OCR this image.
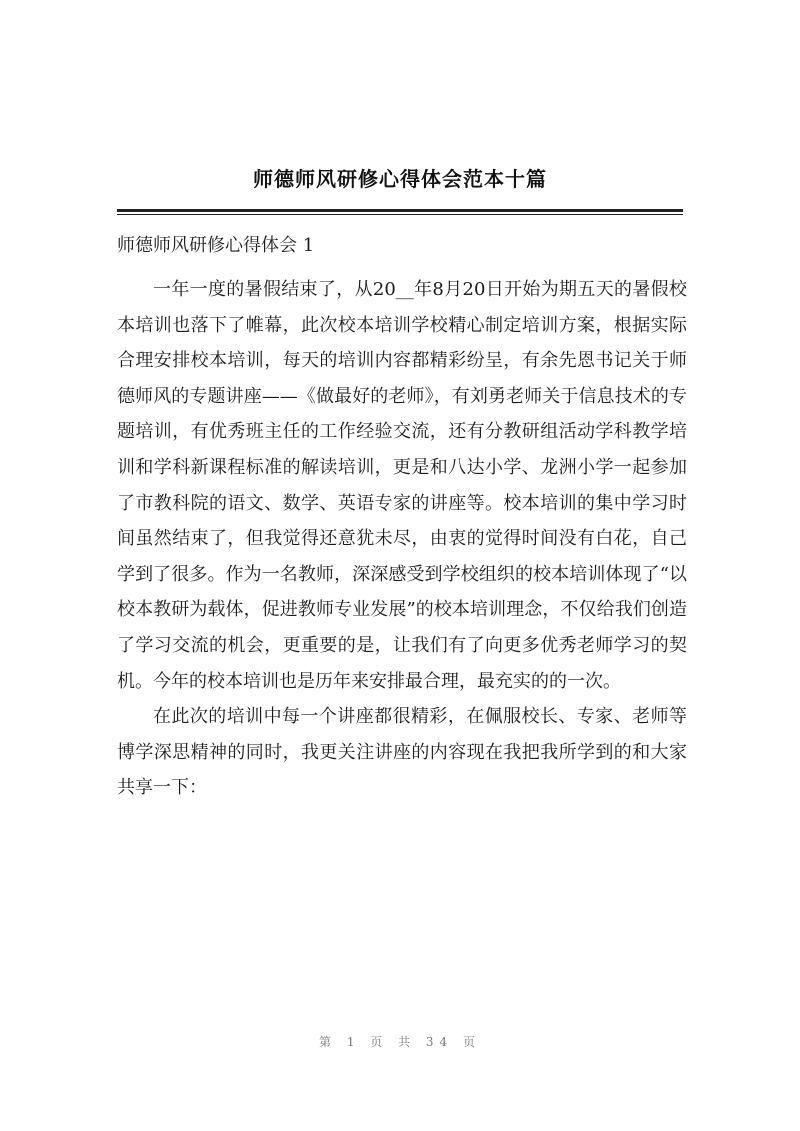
师德师风研修心得体会范本十篇
师德师风研修心得体会 1

一年一度的暑假结束了，从20__年8月20日开始为期五天的暑假校本培训也落下了帷幕，此次校本培训学校精心制定培训方案，根据实际合理安排校本培训，每天的培训内容都精彩纷呈，有余先恩书记关于师德师风的专题讲座——《做最好的老师》，有刘勇老师关于信息技术的专题培训，有优秀班主任的工作经验交流，还有分教研组活动学科教学培训和学科新课程标准的解读培训，更是和八达小学、龙洲小学一起参加了市教科院的语文、数学、英语专家的讲座等。校本培训的集中学习时间虽然结束了，但我觉得还意犹未尽，由衷的觉得时间没有白花，自己学到了很多。作为一名教师，深深感受到学校组织的校本培训体现了“以校本教研为载体，促进教师专业发展”的校本培训理念，不仅给我们创造了学习交流的机会，更重要的是，让我们有了向更多优秀老师学习的契机。今年的校本培训也是历年来安排最合理，最充实的的一次。

在此次的培训中每一个讲座都很精彩，在佩服校长、专家、老师等博学深思精神的同时，我更关注讲座的内容现在我把我所学到的和大家共享一下：

第 1 页 共 34 页
